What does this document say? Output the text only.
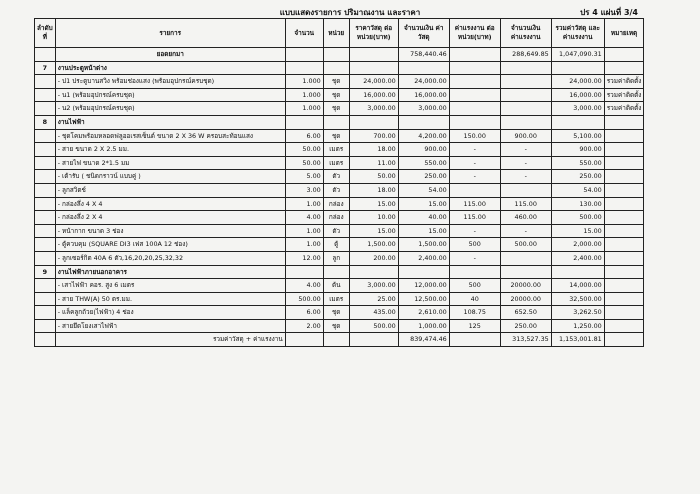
แบบแสดงรายการ ปริมาณงาน และราคา	ปร 4 แผ่นที่ 3/4
ลำดับที่	รายการ	จำนวน	หน่วย	ราคาวัสดุ ต่อหน่วย(บาท)	จำนวนเงิน ค่าวัสดุ	ค่าแรงงาน ต่อหน่วย(บาท)	จำนวนเงิน ค่าแรงงาน	รวมค่าวัสดุ และค่าแรงงาน	หมายเหตุ
	ยอดยกมา				758,440.46		288,649.85	1,047,090.31	
7	งานประตูหน้าต่าง								
	- ป1 ประตูบานสวิง พร้อมช่องแสง (พร้อมอุปกรณ์ครบชุด)	1.000	ชุด	24,000.00	24,000.00			24,000.00	รวมค่าติดตั้ง
	- น1 (พร้อมอุปกรณ์ครบชุด)	1.000	ชุด	16,000.00	16,000.00			16,000.00	รวมค่าติดตั้ง
	- น2 (พร้อมอุปกรณ์ครบชุด)	1.000	ชุด	3,000.00	3,000.00			3,000.00	รวมค่าติดตั้ง
8	งานไฟฟ้า								
	- ชุดโคมพร้อมหลอดฟลูออเรสเซ็นต์ ขนาด 2 X 36 W ครอบสะท้อนแสง	6.00	ชุด	700.00	4,200.00	150.00	900.00	5,100.00	
	- สาย ขนาด 2 X 2.5 มม.	50.00	เมตร	18.00	900.00	-	-	900.00	
	- สายไฟ ขนาด 2*1.5 มม	50.00	เมตร	11.00	550.00	-	-	550.00	
	- เต้ารับ ( ชนิดกราวน์ แบบคู่ )	5.00	ตัว	50.00	250.00	-	-	250.00	
	- ลูกสวิตช์	3.00	ตัว	18.00	54.00			54.00	
	- กล่องลึ่ง 4 X 4	1.00	กล่อง	15.00	15.00	115.00	115.00	130.00	
	- กล่องลึ่ง 2 X 4	4.00	กล่อง	10.00	40.00	115.00	460.00	500.00	
	- หน้ากาก ขนาด 3 ช่อง	1.00	ตัว	15.00	15.00	-	-	15.00	
	- ตู้ควบคุม (SQUARE DI3 เฟส 100A 12 ช่อง)	1.00	ตู้	1,500.00	1,500.00	500	500.00	2,000.00	
	- ลูกเซอร์กิต 40A 6 ตัว,16,20,20,25,32,32	12.00	ลูก	200.00	2,400.00	-		2,400.00	
9	งานไฟฟ้าภายนอกอาคาร								
	- เสาไฟฟ้า คอร. สูง 6 เมตร	4.00	ต้น	3,000.00	12,000.00	500	20000.00	14,000.00	
	- สาย THW(A) 50 ตร.มม.	500.00	เมตร	25.00	12,500.00	40	20000.00	32,500.00	
	- แล็คลูกถ้วย(ไฟฟ้า) 4 ช่อง	6.00	ชุด	435.00	2,610.00	108.75	652.50	3,262.50	
	- สายยึดโยงเสาไฟฟ้า	2.00	ชุด	500.00	1,000.00	125	250.00	1,250.00	
	รวมค่าวัสดุ + ค่าแรงงาน				839,474.46		313,527.35	1,153,001.81	
